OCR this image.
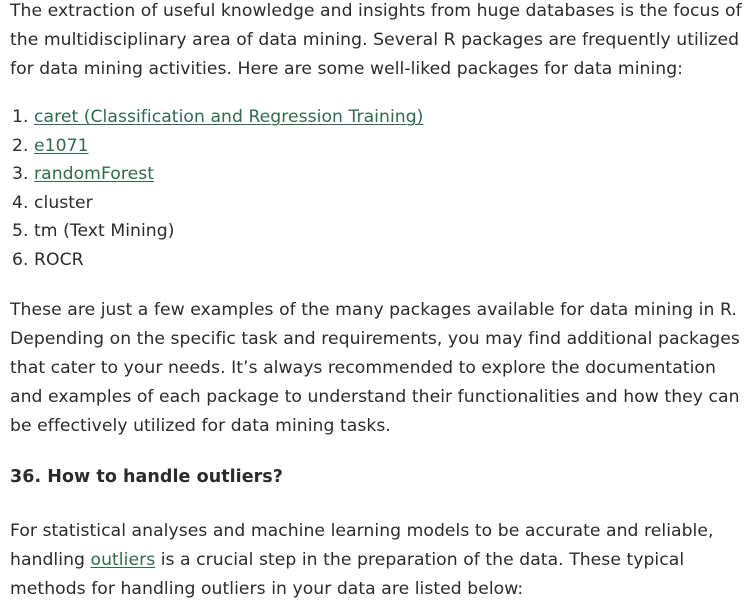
The extraction of useful knowledge and insights from huge databases is the focus of the multidisciplinary area of data mining. Several R packages are frequently utilized for data mining activities. Here are some well-liked packages for data mining:

1. caret (Classification and Regression Training)
2. e1071
3. randomForest
4. cluster
5. tm (Text Mining)
6. ROCR

These are just a few examples of the many packages available for data mining in R. Depending on the specific task and requirements, you may find additional packages that cater to your needs. It’s always recommended to explore the documentation and examples of each package to understand their functionalities and how they can be effectively utilized for data mining tasks.

36. How to handle outliers?

For statistical analyses and machine learning models to be accurate and reliable, handling outliers is a crucial step in the preparation of the data. These typical methods for handling outliers in your data are listed below:
